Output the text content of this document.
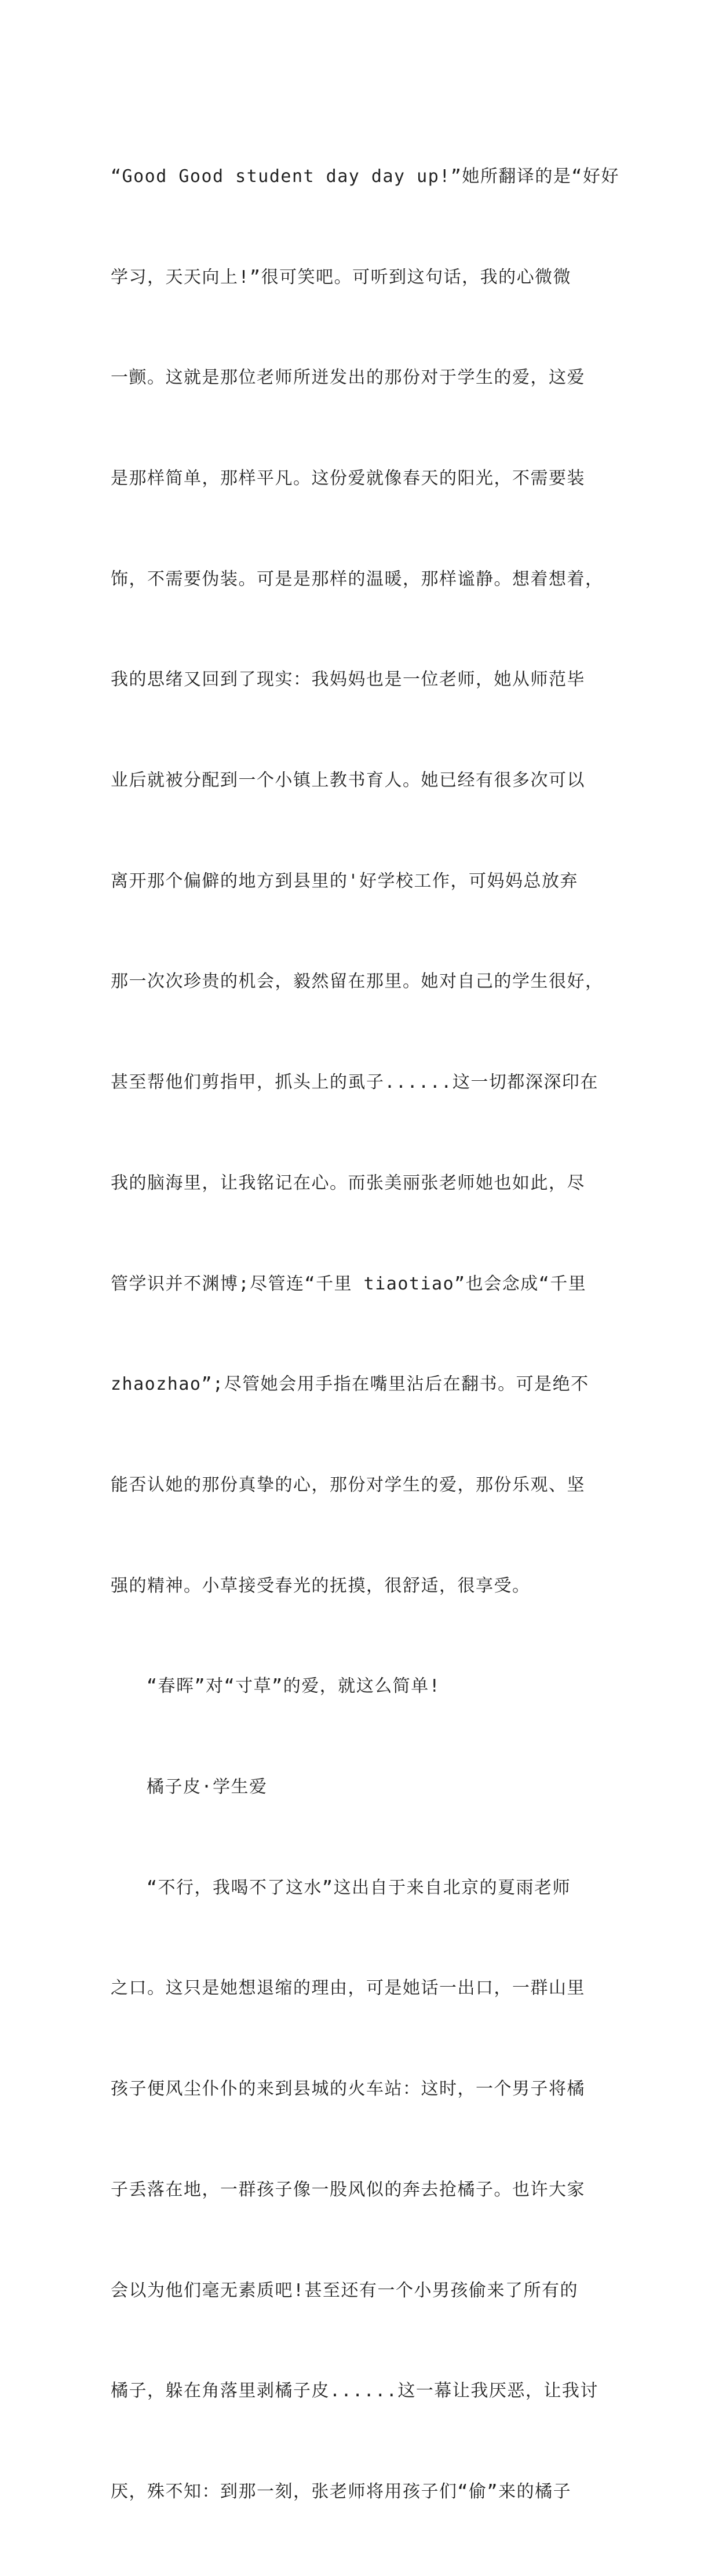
“Good Good student day day up!”她所翻译的是“好好

学习，天天向上!”很可笑吧。可听到这句话，我的心微微

一颤。这就是那位老师所迸发出的那份对于学生的爱，这爱

是那样简单，那样平凡。这份爱就像春天的阳光，不需要装

饰，不需要伪装。可是是那样的温暖，那样谧静。想着想着，

我的思绪又回到了现实：我妈妈也是一位老师，她从师范毕

业后就被分配到一个小镇上教书育人。她已经有很多次可以

离开那个偏僻的地方到县里的'好学校工作，可妈妈总放弃

那一次次珍贵的机会，毅然留在那里。她对自己的学生很好，

甚至帮他们剪指甲，抓头上的虱子......这一切都深深印在

我的脑海里，让我铭记在心。而张美丽张老师她也如此，尽

管学识并不渊博;尽管连“千里 tiaotiao”也会念成“千里

zhaozhao”;尽管她会用手指在嘴里沾后在翻书。可是绝不

能否认她的那份真挚的心，那份对学生的爱，那份乐观、坚

强的精神。小草接受春光的抚摸，很舒适，很享受。

“春晖”对“寸草”的爱，就这么简单!

橘子皮·学生爱

“不行，我喝不了这水”这出自于来自北京的夏雨老师

之口。这只是她想退缩的理由，可是她话一出口，一群山里

孩子便风尘仆仆的来到县城的火车站：这时，一个男子将橘

子丢落在地，一群孩子像一股风似的奔去抢橘子。也许大家

会以为他们毫无素质吧!甚至还有一个小男孩偷来了所有的

橘子，躲在角落里剥橘子皮......这一幕让我厌恶，让我讨

厌，殊不知：到那一刻，张老师将用孩子们“偷”来的橘子
